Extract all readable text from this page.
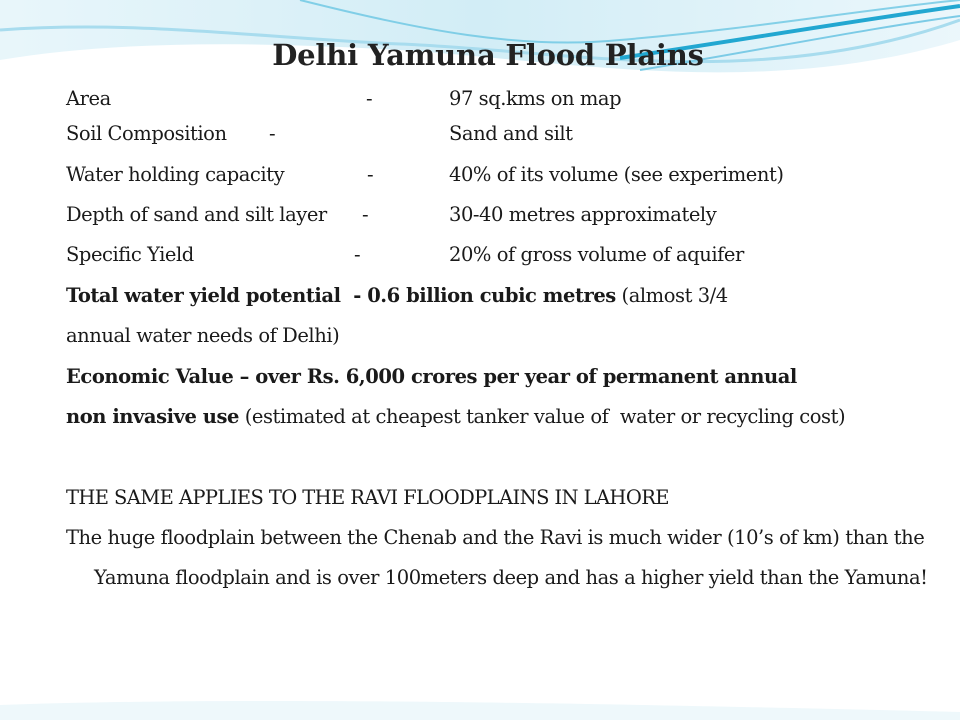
Delhi Yamuna Flood Plains
Area	-	97 sq.kms on map
Soil Composition -	Sand and silt
Water holding capacity	-	40% of its volume (see experiment)
Depth of sand and silt layer -	30-40 metres approximately
Specific Yield	-	20% of gross volume of aquifer
Total water yield potential  - 0.6 billion cubic metres (almost 3/4
annual water needs of Delhi)
Economic Value – over Rs. 6,000 crores per year of permanent annual
non invasive use (estimated at cheapest tanker value of  water or recycling cost)
THE SAME APPLIES TO THE RAVI FLOODPLAINS IN LAHORE
The huge floodplain between the Chenab and the Ravi is much wider (10’s of km) than the Yamuna floodplain and is over 100meters deep and has a higher yield than the Yamuna!
